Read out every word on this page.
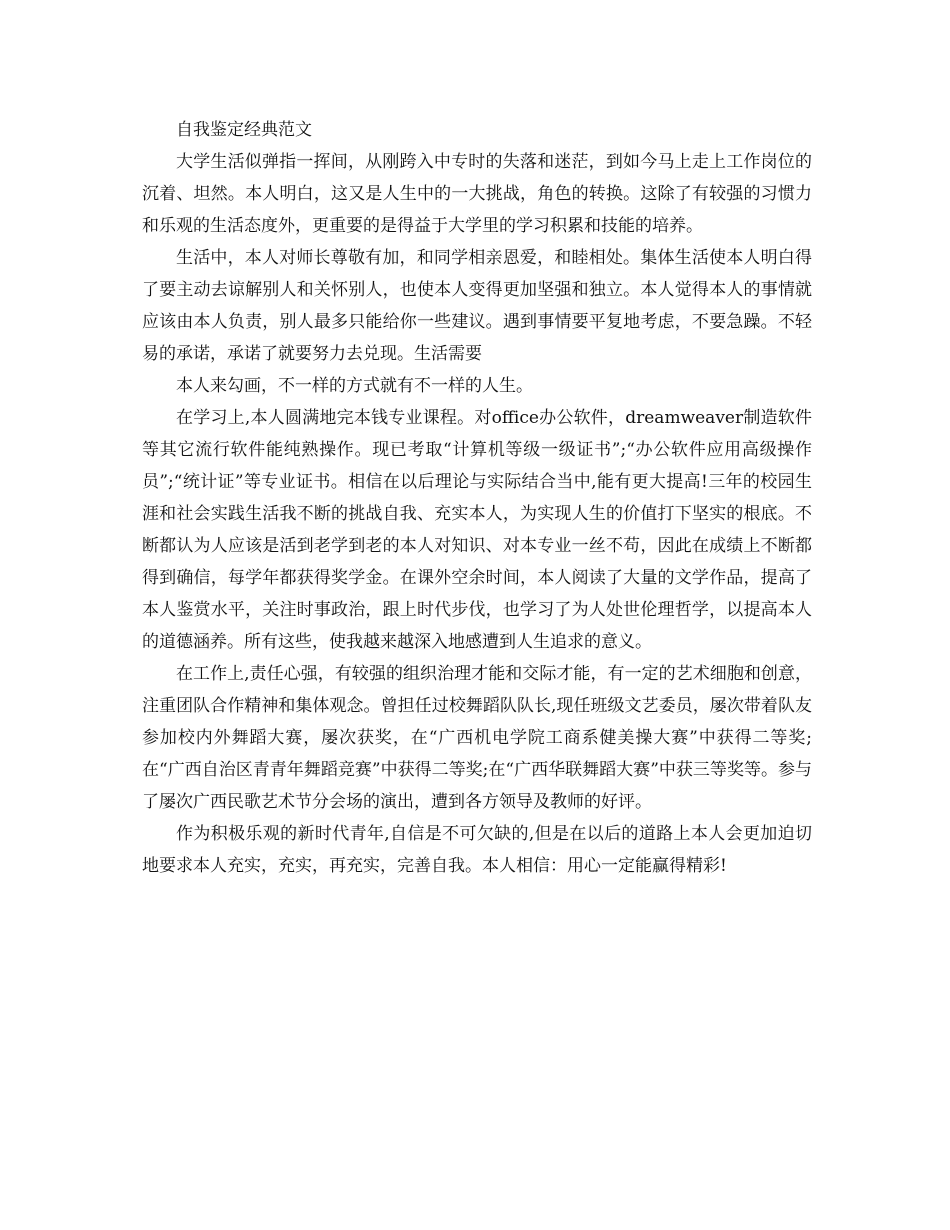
自我鉴定经典范文

大学生活似弹指一挥间，从刚跨入中专时的失落和迷茫，到如今马上走上工作岗位的沉着、坦然。本人明白，这又是人生中的一大挑战，角色的转换。这除了有较强的习惯力和乐观的生活态度外，更重要的是得益于大学里的学习积累和技能的培养。

生活中，本人对师长尊敬有加，和同学相亲恩爱，和睦相处。集体生活使本人明白得了要主动去谅解别人和关怀别人，也使本人变得更加坚强和独立。本人觉得本人的事情就应该由本人负责，别人最多只能给你一些建议。遇到事情要平复地考虑，不要急躁。不轻易的承诺，承诺了就要努力去兑现。生活需要

本人来勾画，不一样的方式就有不一样的人生。

在学习上,本人圆满地完本钱专业课程。对office办公软件，dreamweaver制造软件等其它流行软件能纯熟操作。现已考取“计算机等级一级证书”;“办公软件应用高级操作员”;“统计证”等专业证书。相信在以后理论与实际结合当中,能有更大提高!三年的校园生涯和社会实践生活我不断的挑战自我、充实本人，为实现人生的价值打下坚实的根底。不断都认为人应该是活到老学到老的本人对知识、对本专业一丝不苟，因此在成绩上不断都得到确信，每学年都获得奖学金。在课外空余时间，本人阅读了大量的文学作品，提高了本人鉴赏水平，关注时事政治，跟上时代步伐，也学习了为人处世伦理哲学，以提高本人的道德涵养。所有这些，使我越来越深入地感遭到人生追求的意义。

在工作上,责任心强，有较强的组织治理才能和交际才能，有一定的艺术细胞和创意，注重团队合作精神和集体观念。曾担任过校舞蹈队队长,现任班级文艺委员，屡次带着队友参加校内外舞蹈大赛，屡次获奖，在“广西机电学院工商系健美操大赛”中获得二等奖;在“广西自治区青青年舞蹈竞赛”中获得二等奖;在“广西华联舞蹈大赛”中获三等奖等。参与了屡次广西民歌艺术节分会场的演出，遭到各方领导及教师的好评。

作为积极乐观的新时代青年,自信是不可欠缺的,但是在以后的道路上本人会更加迫切地要求本人充实，充实，再充实，完善自我。本人相信：用心一定能赢得精彩!
